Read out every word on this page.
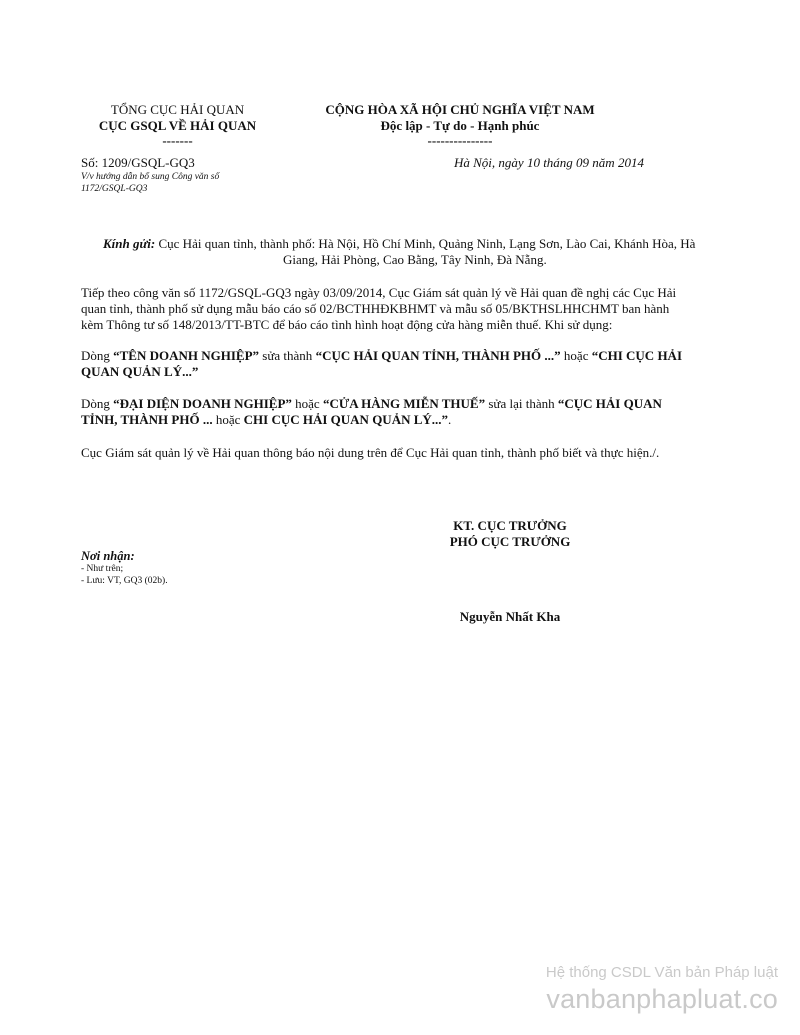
TỔNG CỤC HẢI QUAN
CỤC GSQL VỀ HẢI QUAN
-------
CỘNG HÒA XÃ HỘI CHỦ NGHĨA VIỆT NAM
Độc lập - Tự do - Hạnh phúc
---------------
Số: 1209/GSQL-GQ3
V/v hướng dẫn bổ sung Công văn số
1172/GSQL-GQ3
Hà Nội, ngày 10 tháng 09 năm 2014
Kính gửi: Cục Hải quan tỉnh, thành phố: Hà Nội, Hồ Chí Minh, Quảng Ninh, Lạng Sơn, Lào Cai, Khánh Hòa, Hà
Giang, Hải Phòng, Cao Bằng, Tây Ninh, Đà Nẵng.
Tiếp theo công văn số 1172/GSQL-GQ3 ngày 03/09/2014, Cục Giám sát quản lý về Hải quan đề nghị các Cục Hải
quan tỉnh, thành phố sử dụng mẫu báo cáo số 02/BCTHHĐKBHMT và mẫu số 05/BKTHSLHHCHMT ban hành
kèm Thông tư số 148/2013/TT-BTC để báo cáo tình hình hoạt động cửa hàng miễn thuế. Khi sử dụng:
Dòng “TÊN DOANH NGHIỆP” sửa thành “CỤC HẢI QUAN TỈNH, THÀNH PHỐ ...” hoặc “CHI CỤC HẢI
QUAN QUẢN LÝ...”
Dòng “ĐẠI DIỆN DOANH NGHIỆP” hoặc “CỬA HÀNG MIỄN THUẾ” sửa lại thành “CỤC HẢI QUAN
TỈNH, THÀNH PHỐ ... hoặc CHI CỤC HẢI QUAN QUẢN LÝ...”.
Cục Giám sát quản lý về Hải quan thông báo nội dung trên để Cục Hải quan tỉnh, thành phố biết và thực hiện./.
KT. CỤC TRƯỞNG
PHÓ CỤC TRƯỞNG
Nguyễn Nhất Kha
Nơi nhận:
- Như trên;
- Lưu: VT, GQ3 (02b).
Hệ thống CSDL Văn bản Pháp luật
vanbanphapluat.co
